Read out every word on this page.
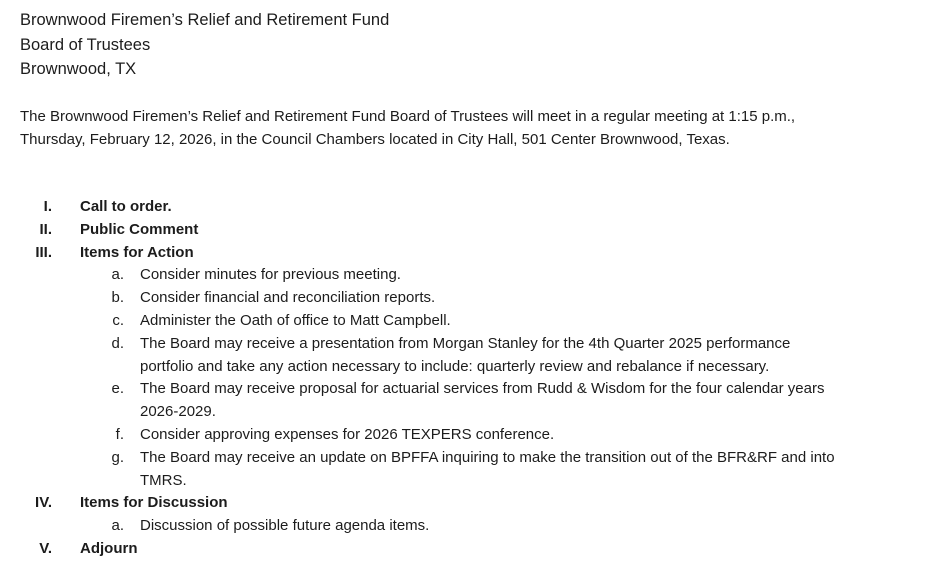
Brownwood Firemen’s Relief and Retirement Fund
Board of Trustees
Brownwood, TX
The Brownwood Firemen’s Relief and Retirement Fund Board of Trustees will meet in a regular meeting at 1:15 p.m.,
Thursday, February 12, 2026, in the Council Chambers located in City Hall, 501 Center Brownwood, Texas.
I. Call to order.
II. Public Comment
III. Items for Action
a. Consider minutes for previous meeting.
b. Consider financial and reconciliation reports.
c. Administer the Oath of office to Matt Campbell.
d. The Board may receive a presentation from Morgan Stanley for the 4th Quarter 2025 performance
portfolio and take any action necessary to include: quarterly review and rebalance if necessary.
e. The Board may receive proposal for actuarial services from Rudd & Wisdom for the four calendar years
2026-2029.
f. Consider approving expenses for 2026 TEXPERS conference.
g. The Board may receive an update on BPFFA inquiring to make the transition out of the BFR&RF and into
TMRS.
IV. Items for Discussion
a. Discussion of possible future agenda items.
V. Adjourn
